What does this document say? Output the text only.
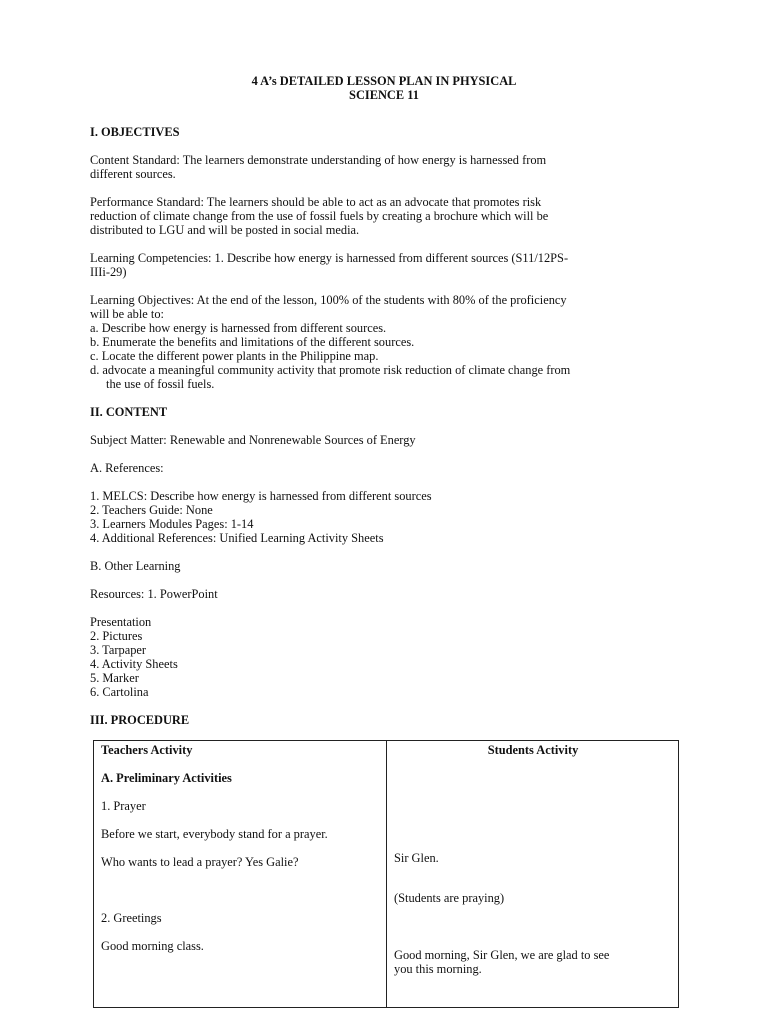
4 A’s DETAILED LESSON PLAN IN PHYSICAL
SCIENCE 11
I. OBJECTIVES
Content Standard: The learners demonstrate understanding of how energy is harnessed from
different sources.
Performance Standard: The learners should be able to act as an advocate that promotes risk
reduction of climate change from the use of fossil fuels by creating a brochure which will be
distributed to LGU and will be posted in social media.
Learning Competencies: 1. Describe how energy is harnessed from different sources (S11/12PS-
IIIi-29)
Learning Objectives: At the end of the lesson, 100% of the students with 80% of the proficiency
will be able to:
a. Describe how energy is harnessed from different sources.
b. Enumerate the benefits and limitations of the different sources.
c. Locate the different power plants in the Philippine map.
d. advocate a meaningful community activity that promote risk reduction of climate change from
the use of fossil fuels.
II. CONTENT
Subject Matter: Renewable and Nonrenewable Sources of Energy
A. References:
1. MELCS: Describe how energy is harnessed from different sources
2. Teachers Guide: None
3. Learners Modules Pages: 1-14
4. Additional References: Unified Learning Activity Sheets
B. Other Learning
Resources: 1. PowerPoint
Presentation
2. Pictures
3. Tarpaper
4. Activity Sheets
5. Marker
6. Cartolina
III. PROCEDURE
Teachers Activity	Students Activity
A. Preliminary Activities
1. Prayer
Before we start, everybody stand for a prayer.
Who wants to lead a prayer? Yes Galie?
2. Greetings
Good morning class.
Sir Glen.
(Students are praying)
Good morning, Sir Glen, we are glad to see
you this morning.
